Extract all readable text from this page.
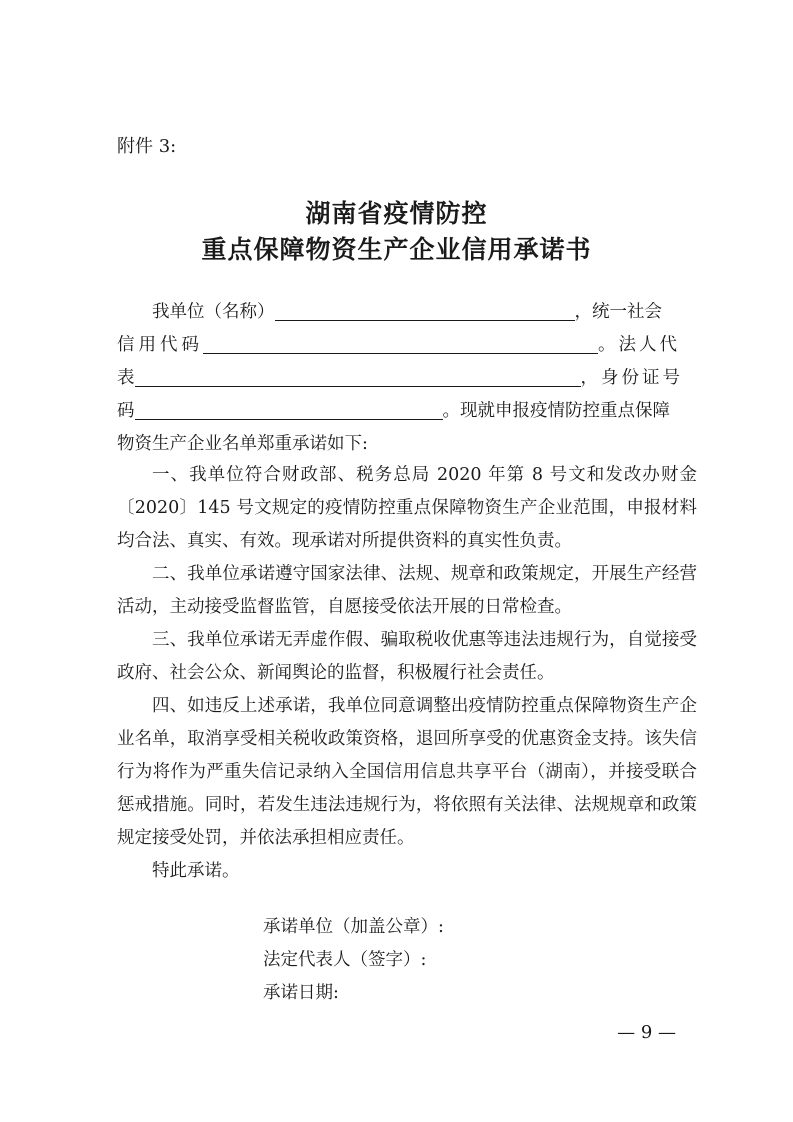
附件 3:
湖南省疫情防控
重点保障物资生产企业信用承诺书
我单位（名称）	，统一社会
信用代码	。法人代
表	，身份证号
码	。现就申报疫情防控重点保障
物资生产企业名单郑重承诺如下:
一、我单位符合财政部、税务总局 2020 年第 8 号文和发改办财金〔2020〕145 号文规定的疫情防控重点保障物资生产企业范围，申报材料均合法、真实、有效。现承诺对所提供资料的真实性负责。
二、我单位承诺遵守国家法律、法规、规章和政策规定，开展生产经营活动，主动接受监督监管，自愿接受依法开展的日常检查。
三、我单位承诺无弄虚作假、骗取税收优惠等违法违规行为，自觉接受政府、社会公众、新闻舆论的监督，积极履行社会责任。
四、如违反上述承诺，我单位同意调整出疫情防控重点保障物资生产企业名单，取消享受相关税收政策资格，退回所享受的优惠资金支持。该失信行为将作为严重失信记录纳入全国信用信息共享平台（湖南），并接受联合惩戒措施。同时，若发生违法违规行为，将依照有关法律、法规规章和政策规定接受处罚，并依法承担相应责任。
特此承诺。
承诺单位（加盖公章）:
法定代表人（签字）:
承诺日期:
— 9 —
